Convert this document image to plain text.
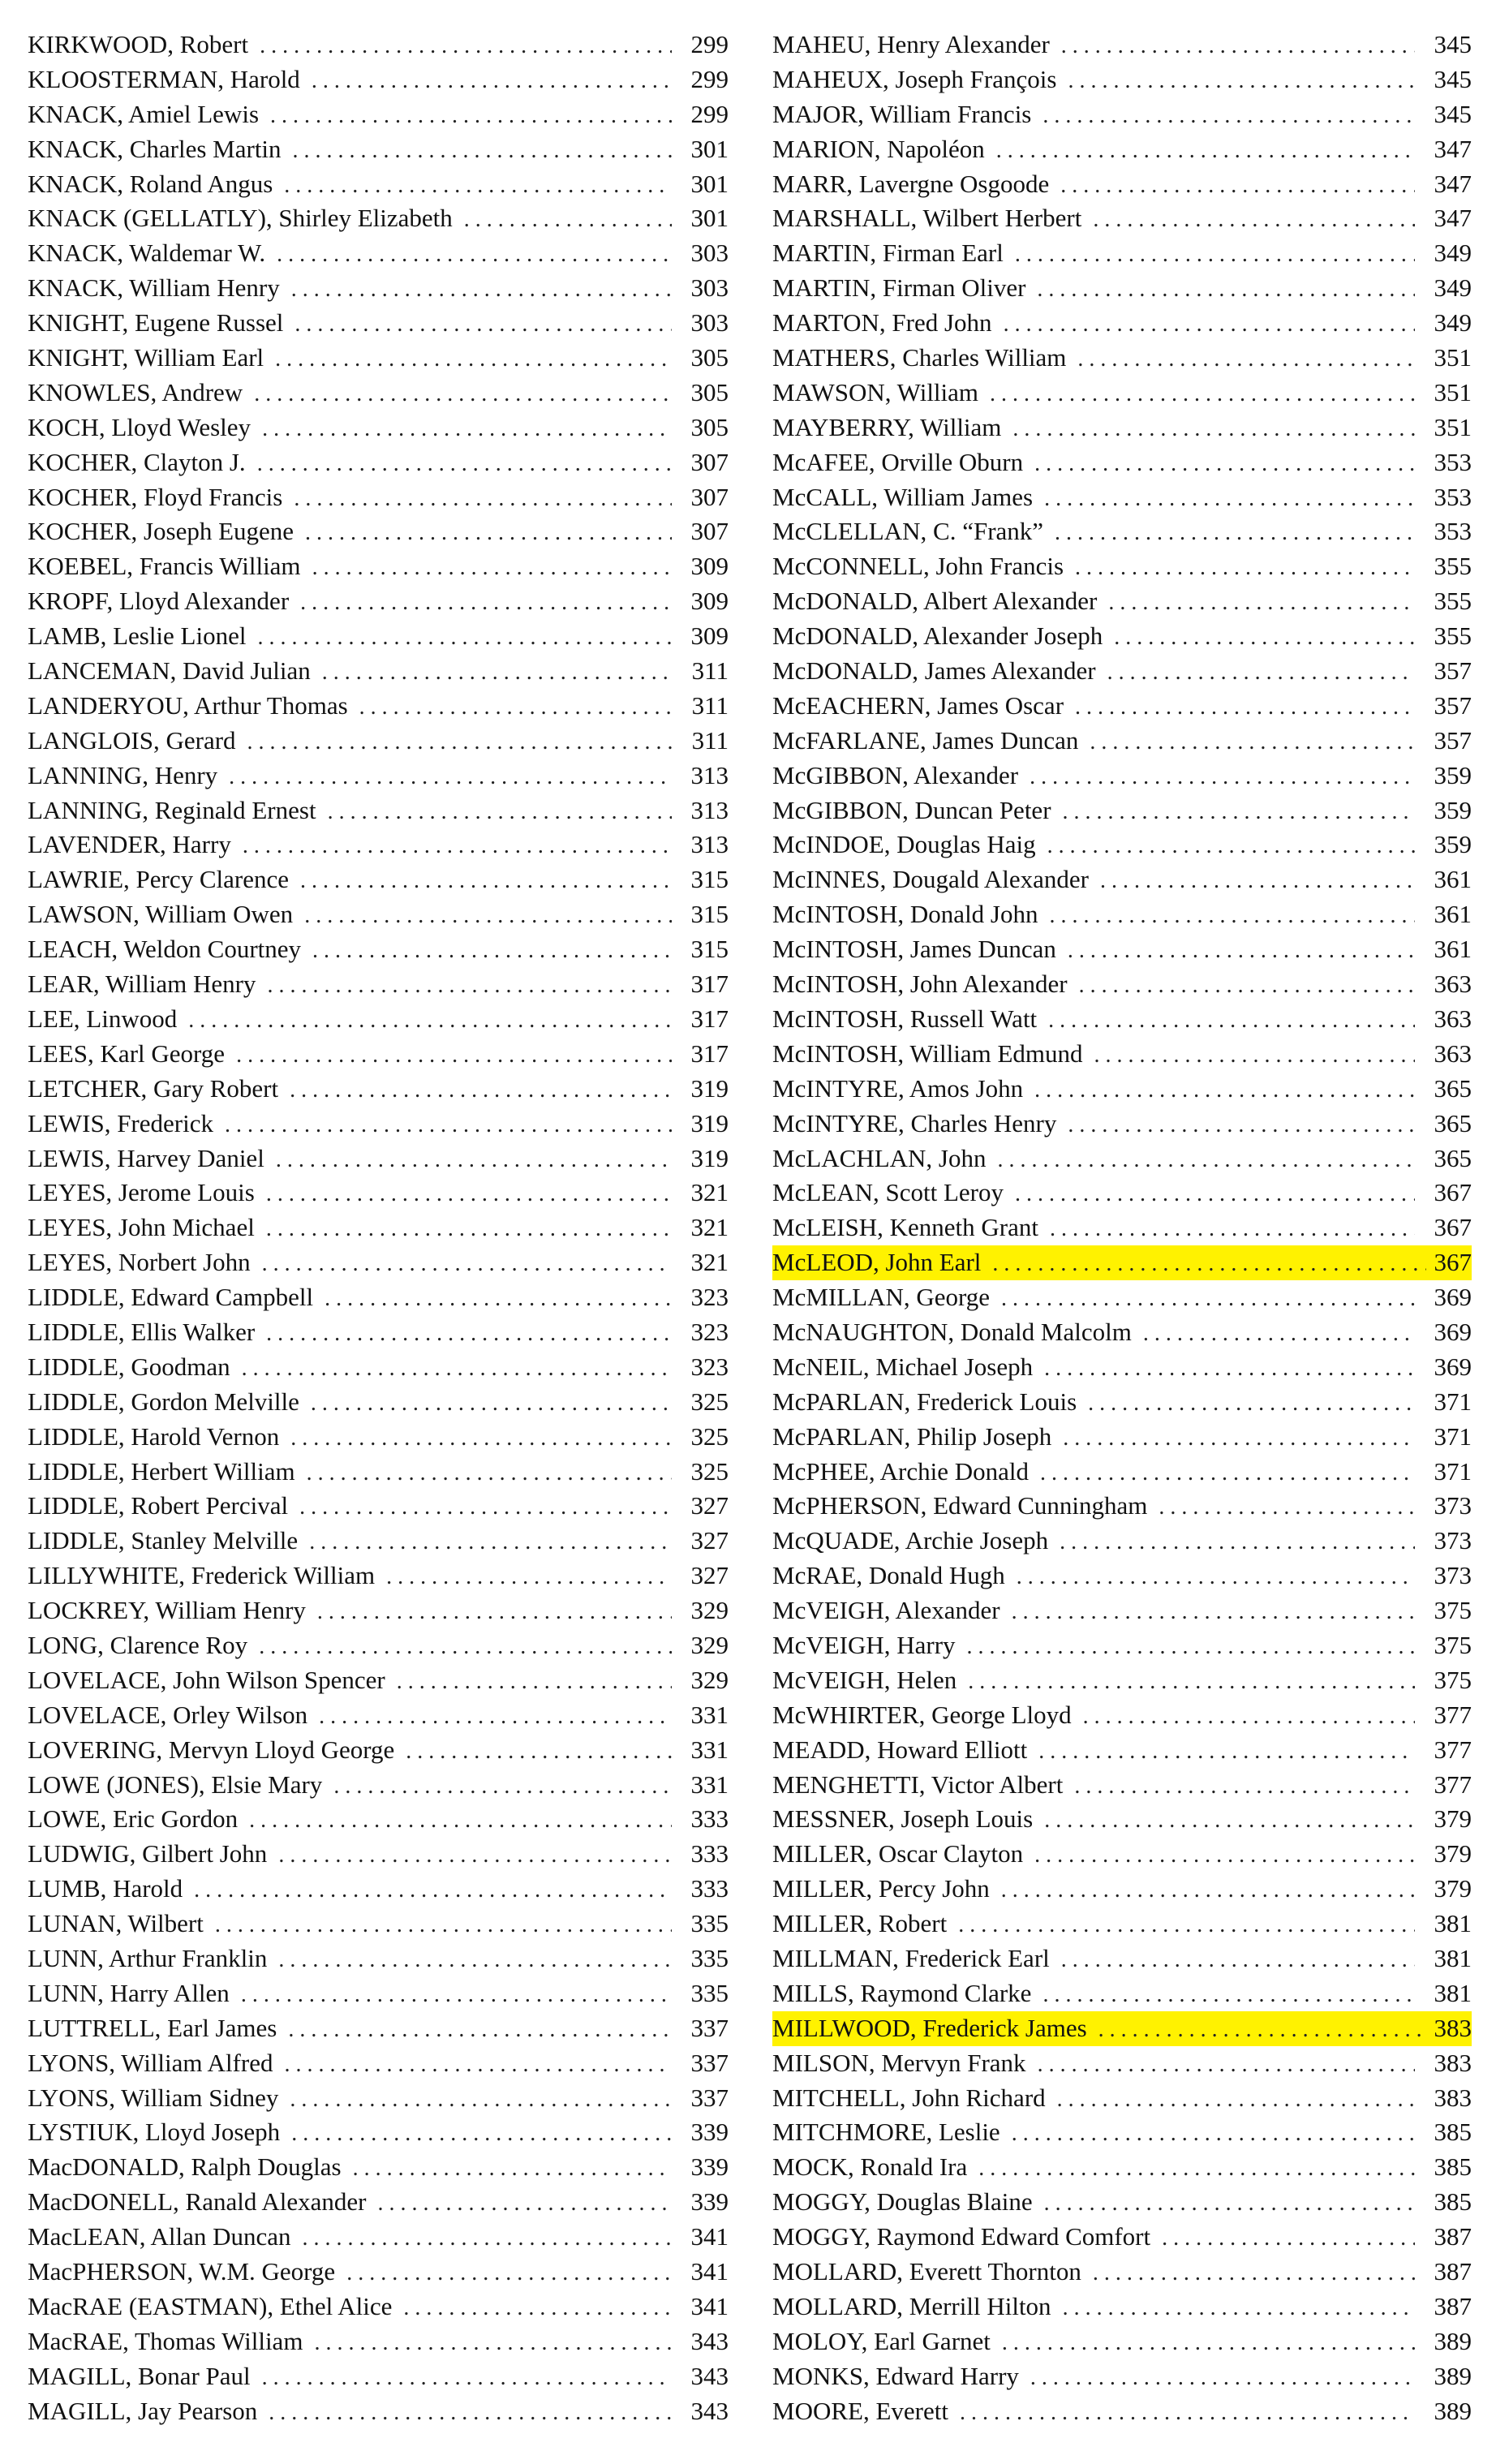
KIRKWOOD, Robert . . .	299
KLOOSTERMAN, Harold . . .	299
KNACK, Amiel Lewis . . .	299
KNACK, Charles Martin . . .	301
KNACK, Roland Angus . . .	301
KNACK (GELLATLY), Shirley Elizabeth . . .	301
KNACK, Waldemar W. . . .	303
KNACK, William Henry . . .	303
KNIGHT, Eugene Russel . . .	303
KNIGHT, William Earl . . .	305
KNOWLES, Andrew . . .	305
KOCH, Lloyd Wesley . . .	305
KOCHER, Clayton J. . . .	307
KOCHER, Floyd Francis . . .	307
KOCHER, Joseph Eugene . . .	307
KOEBEL, Francis William . . .	309
KROPF, Lloyd Alexander . . .	309
LAMB, Leslie Lionel . . .	309
LANCEMAN, David Julian . . .	311
LANDERYOU, Arthur Thomas . . .	311
LANGLOIS, Gerard . . .	311
LANNING, Henry . . .	313
LANNING, Reginald Ernest . . .	313
LAVENDER, Harry . . .	313
LAWRIE, Percy Clarence . . .	315
LAWSON, William Owen . . .	315
LEACH, Weldon Courtney . . .	315
LEAR, William Henry . . .	317
LEE, Linwood . . .	317
LEES, Karl George . . .	317
LETCHER, Gary Robert . . .	319
LEWIS, Frederick . . .	319
LEWIS, Harvey Daniel . . .	319
LEYES, Jerome Louis . . .	321
LEYES, John Michael . . .	321
LEYES, Norbert John . . .	321
LIDDLE, Edward Campbell . . .	323
LIDDLE, Ellis Walker . . .	323
LIDDLE, Goodman . . .	323
LIDDLE, Gordon Melville . . .	325
LIDDLE, Harold Vernon . . .	325
LIDDLE, Herbert William . . .	325
LIDDLE, Robert Percival . . .	327
LIDDLE, Stanley Melville . . .	327
LILLYWHITE, Frederick William . . .	327
LOCKREY, William Henry . . .	329
LONG, Clarence Roy . . .	329
LOVELACE, John Wilson Spencer . . .	329
LOVELACE, Orley Wilson . . .	331
LOVERING, Mervyn Lloyd George . . .	331
LOWE (JONES), Elsie Mary . . .	331
LOWE, Eric Gordon . . .	333
LUDWIG, Gilbert John . . .	333
LUMB, Harold . . .	333
LUNAN, Wilbert . . .	335
LUNN, Arthur Franklin . . .	335
LUNN, Harry Allen . . .	335
LUTTRELL, Earl James . . .	337
LYONS, William Alfred . . .	337
LYONS, William Sidney . . .	337
LYSTIUK, Lloyd Joseph . . .	339
MacDONALD, Ralph Douglas . . .	339
MacDONELL, Ranald Alexander . . .	339
MacLEAN, Allan Duncan . . .	341
MacPHERSON, W.M. George . . .	341
MacRAE (EASTMAN), Ethel Alice . . .	341
MacRAE, Thomas William . . .	343
MAGILL, Bonar Paul . . .	343
MAGILL, Jay Pearson . . .	343
MAHEU, Henry Alexander . . .	345
MAHEUX, Joseph François . . .	345
MAJOR, William Francis . . .	345
MARION, Napoléon . . .	347
MARR, Lavergne Osgoode . . .	347
MARSHALL, Wilbert Herbert . . .	347
MARTIN, Firman Earl . . .	349
MARTIN, Firman Oliver . . .	349
MARTON, Fred John . . .	349
MATHERS, Charles William . . .	351
MAWSON, William . . .	351
MAYBERRY, William . . .	351
McAFEE, Orville Oburn . . .	353
McCALL, William James . . .	353
McCLELLAN, C. “Frank” . . .	353
McCONNELL, John Francis . . .	355
McDONALD, Albert Alexander . . .	355
McDONALD, Alexander Joseph . . .	355
McDONALD, James Alexander . . .	357
McEACHERN, James Oscar . . .	357
McFARLANE, James Duncan . . .	357
McGIBBON, Alexander . . .	359
McGIBBON, Duncan Peter . . .	359
McINDOE, Douglas Haig . . .	359
McINNES, Dougald Alexander . . .	361
McINTOSH, Donald John . . .	361
McINTOSH, James Duncan . . .	361
McINTOSH, John Alexander . . .	363
McINTOSH, Russell Watt . . .	363
McINTOSH, William Edmund . . .	363
McINTYRE, Amos John . . .	365
McINTYRE, Charles Henry . . .	365
McLACHLAN, John . . .	365
McLEAN, Scott Leroy . . .	367
McLEISH, Kenneth Grant . . .	367
McLEOD, John Earl . . .	367
McMILLAN, George . . .	369
McNAUGHTON, Donald Malcolm . . .	369
McNEIL, Michael Joseph . . .	369
McPARLAN, Frederick Louis . . .	371
McPARLAN, Philip Joseph . . .	371
McPHEE, Archie Donald . . .	371
McPHERSON, Edward Cunningham . . .	373
McQUADE, Archie Joseph . . .	373
McRAE, Donald Hugh . . .	373
McVEIGH, Alexander . . .	375
McVEIGH, Harry . . .	375
McVEIGH, Helen . . .	375
McWHIRTER, George Lloyd . . .	377
MEADD, Howard Elliott . . .	377
MENGHETTI, Victor Albert . . .	377
MESSNER, Joseph Louis . . .	379
MILLER, Oscar Clayton . . .	379
MILLER, Percy John . . .	379
MILLER, Robert . . .	381
MILLMAN, Frederick Earl . . .	381
MILLS, Raymond Clarke . . .	381
MILLWOOD, Frederick James . . .	383
MILSON, Mervyn Frank . . .	383
MITCHELL, John Richard . . .	383
MITCHMORE, Leslie . . .	385
MOCK, Ronald Ira . . .	385
MOGGY, Douglas Blaine . . .	385
MOGGY, Raymond Edward Comfort . . .	387
MOLLARD, Everett Thornton . . .	387
MOLLARD, Merrill Hilton . . .	387
MOLOY, Earl Garnet . . .	389
MONKS, Edward Harry . . .	389
MOORE, Everett . . .	389
